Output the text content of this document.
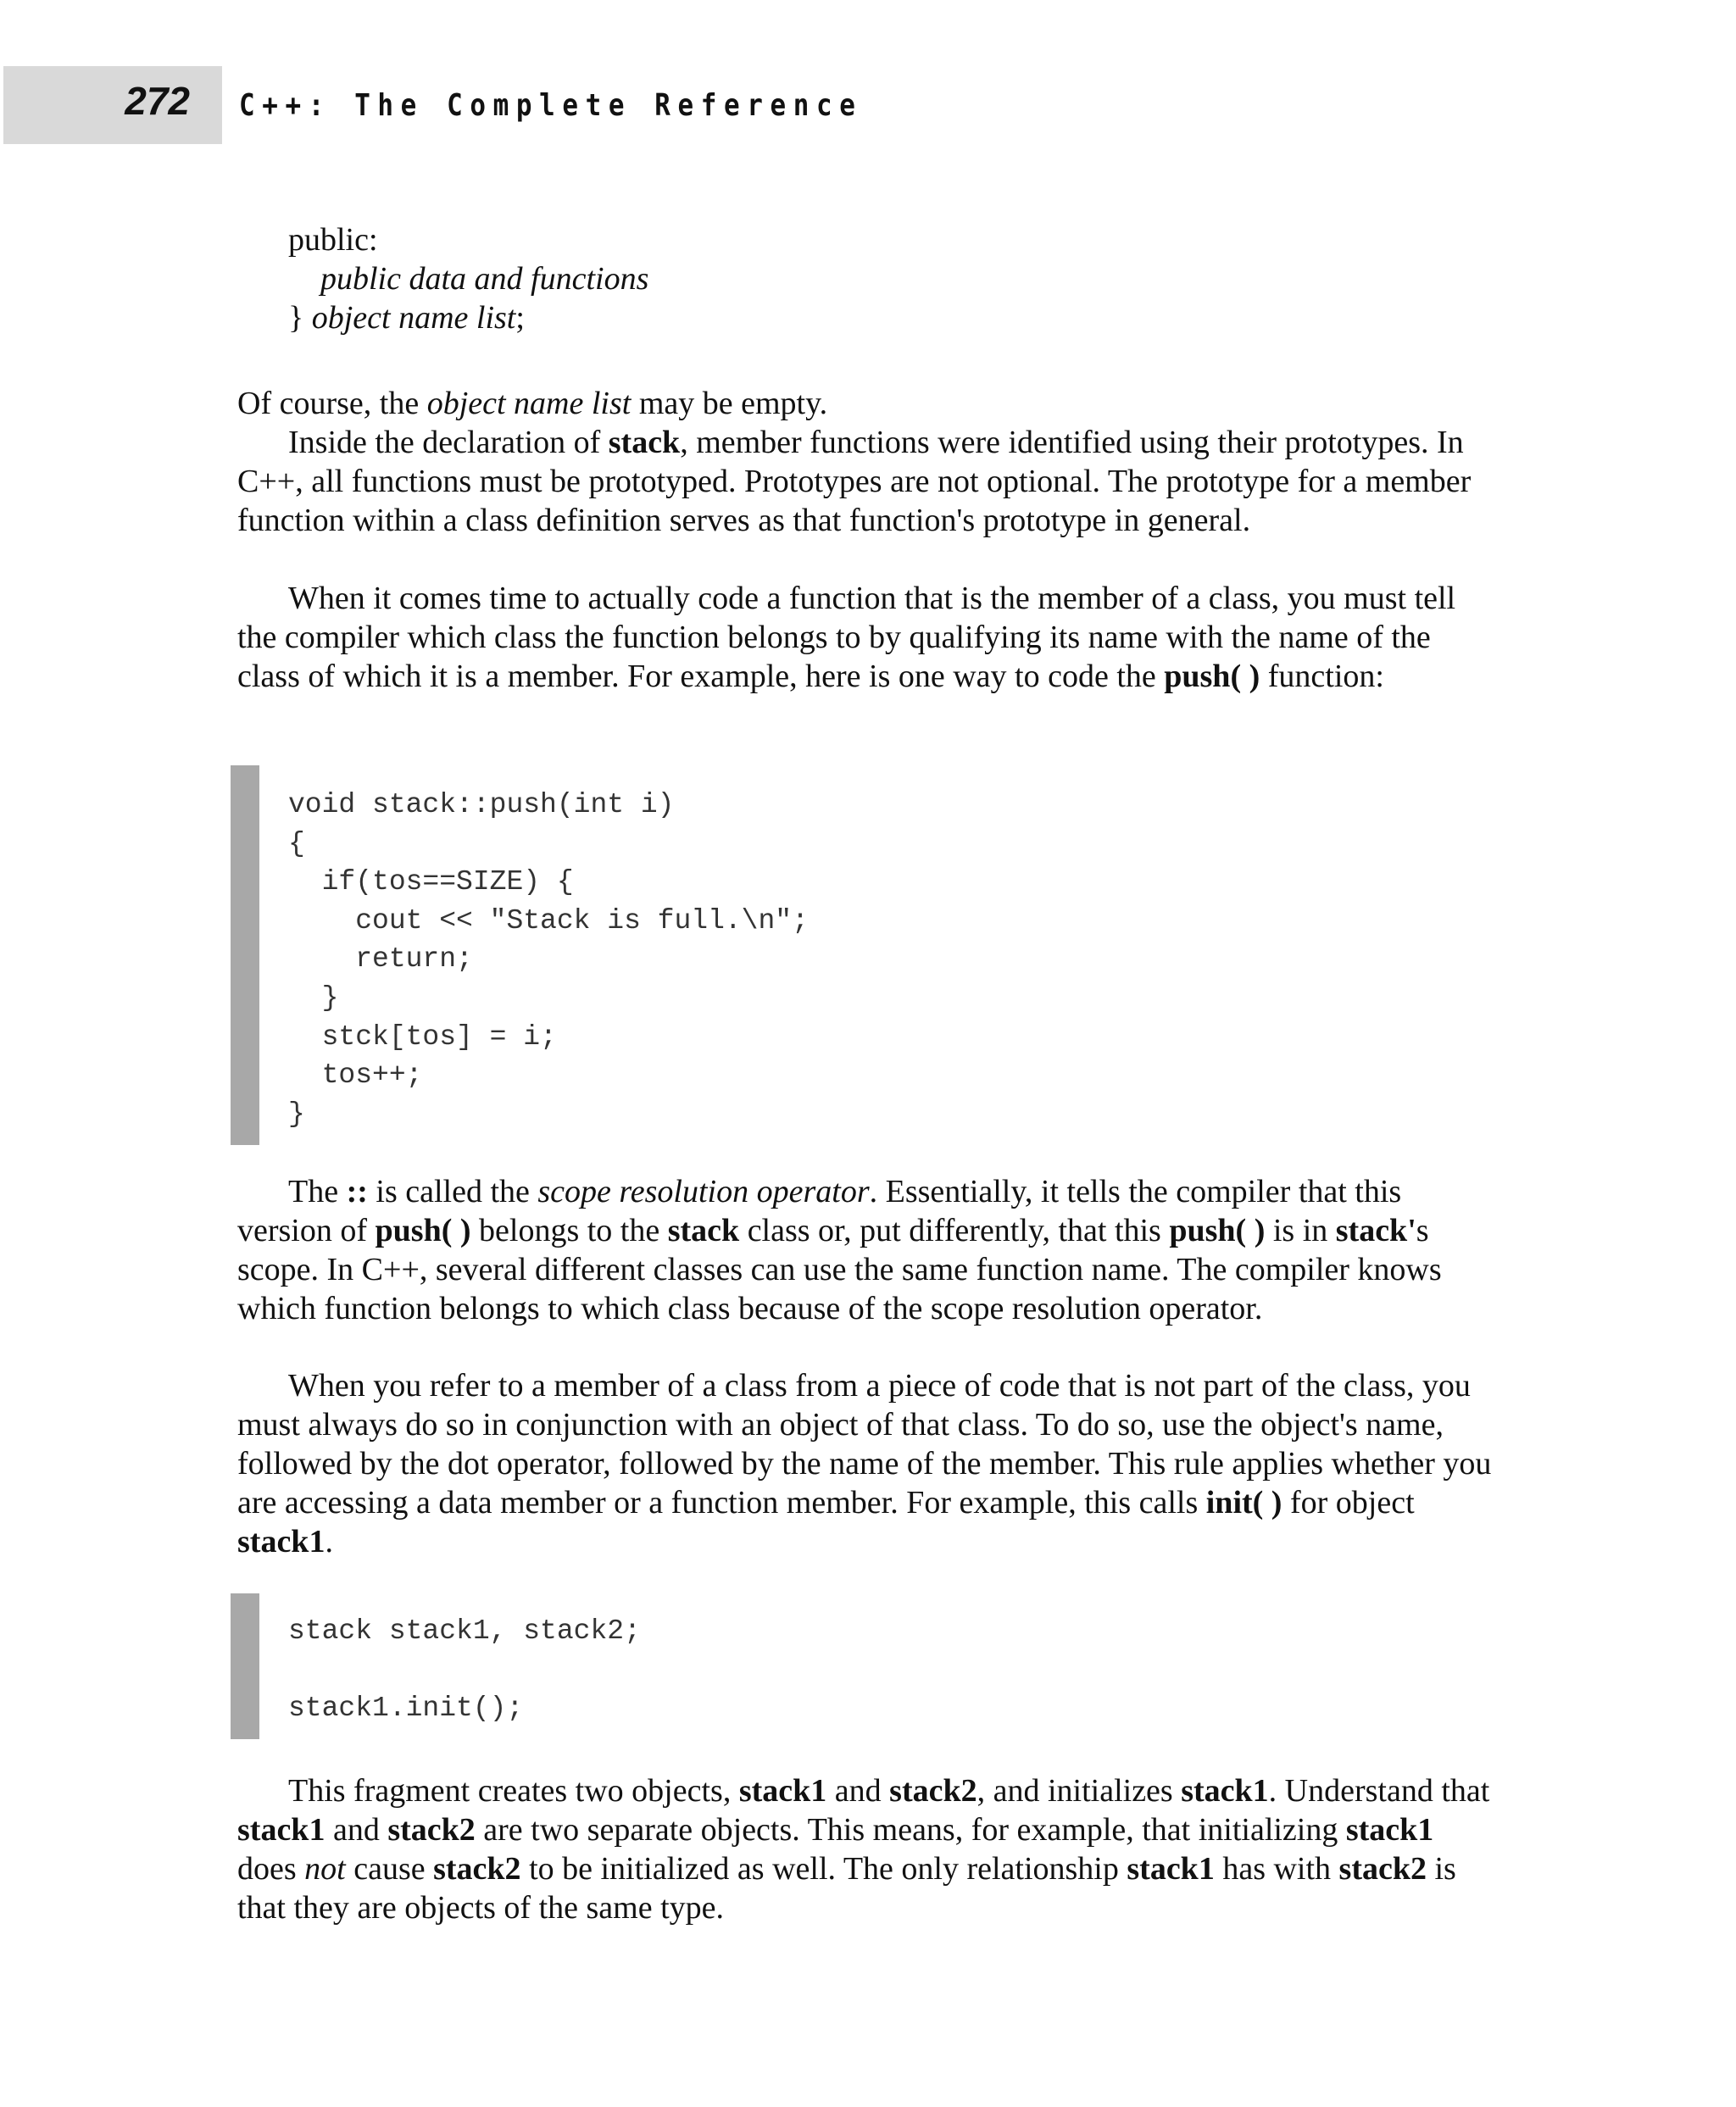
272 C++: The Complete Reference
public:
public data and functions
} object name list;

Of course, the object name list may be empty.

Inside the declaration of stack, member functions were identified using their prototypes. In C++, all functions must be prototyped. Prototypes are not optional. The prototype for a member function within a class definition serves as that function's prototype in general.

When it comes time to actually code a function that is the member of a class, you must tell the compiler which class the function belongs to by qualifying its name with the name of the class of which it is a member. For example, here is one way to code the push( ) function:

void stack::push(int i)
{
if(tos==SIZE) {
cout << "Stack is full.\n";
return;
}
stck[tos] = i;
tos++;
}

The :: is called the scope resolution operator. Essentially, it tells the compiler that this version of push( ) belongs to the stack class or, put differently, that this push( ) is in stack's scope. In C++, several different classes can use the same function name. The compiler knows which function belongs to which class because of the scope resolution operator.

When you refer to a member of a class from a piece of code that is not part of the class, you must always do so in conjunction with an object of that class. To do so, use the object's name, followed by the dot operator, followed by the name of the member. This rule applies whether you are accessing a data member or a function member. For example, this calls init( ) for object stack1.

stack stack1, stack2;

stack1.init();

This fragment creates two objects, stack1 and stack2, and initializes stack1. Understand that stack1 and stack2 are two separate objects. This means, for example, that initializing stack1 does not cause stack2 to be initialized as well. The only relationship stack1 has with stack2 is that they are objects of the same type.
